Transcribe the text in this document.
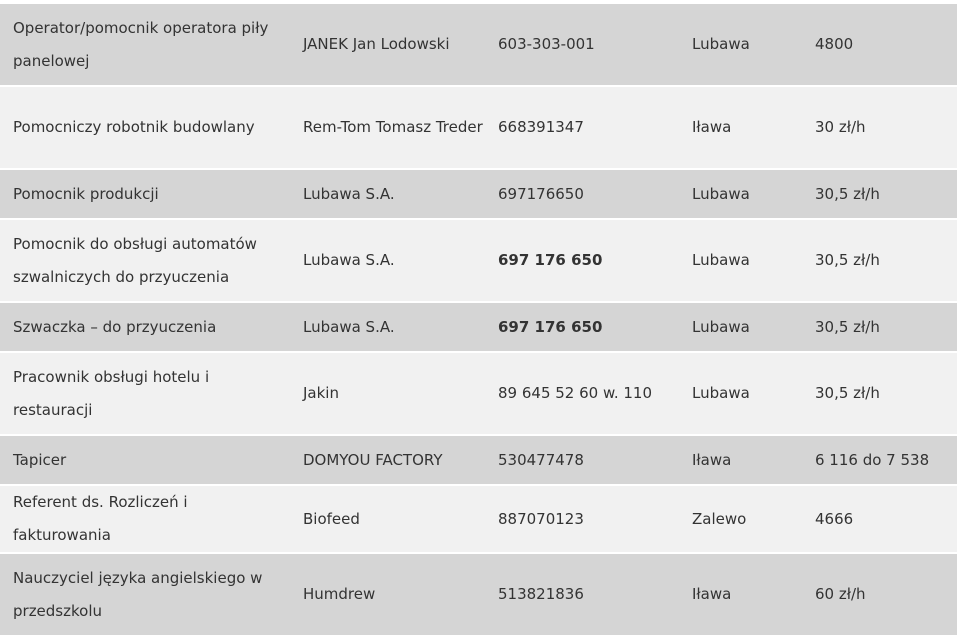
Operator/pomocnik operatora piły panelowej	JANEK Jan Lodowski	603-303-001	Lubawa	4800
Pomocniczy robotnik budowlany	Rem-Tom Tomasz Treder	668391347	Iława	30 zł/h
Pomocnik produkcji	Lubawa S.A.	697176650	Lubawa	30,5 zł/h
Pomocnik do obsługi automatów szwalniczych do przyuczenia	Lubawa S.A.	697 176 650	Lubawa	30,5 zł/h
Szwaczka – do przyuczenia	Lubawa S.A.	697 176 650	Lubawa	30,5 zł/h
Pracownik obsługi hotelu i restauracji	Jakin	89 645 52 60 w. 110	Lubawa	30,5 zł/h
Tapicer	DOMYOU FACTORY	530477478	Iława	6 116 do 7 538
Referent ds. Rozliczeń i fakturowania	Biofeed	887070123	Zalewo	4666
Nauczyciel języka angielskiego w przedszkolu	Humdrew	513821836	Iława	60 zł/h
